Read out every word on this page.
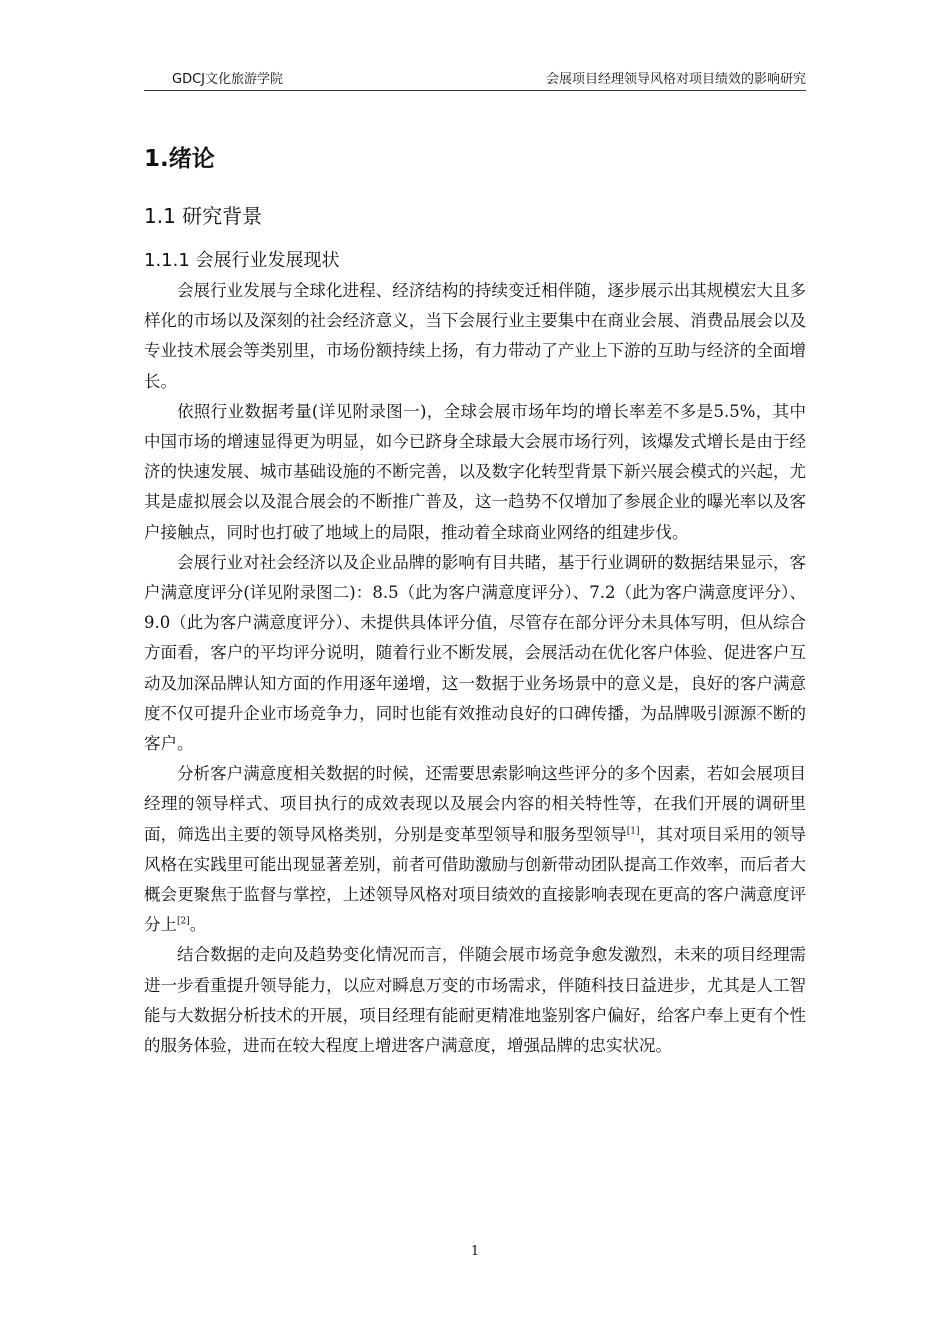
GDCJ文化旅游学院	会展项目经理领导风格对项目绩效的影响研究
1.绪论
1.1 研究背景
1.1.1 会展行业发展现状

会展行业发展与全球化进程、经济结构的持续变迁相伴随，逐步展示出其规模宏大且多样化的市场以及深刻的社会经济意义，当下会展行业主要集中在商业会展、消费品展会以及专业技术展会等类别里，市场份额持续上扬，有力带动了产业上下游的互助与经济的全面增长。

依照行业数据考量(详见附录图一)，全球会展市场年均的增长率差不多是5.5%，其中中国市场的增速显得更为明显，如今已跻身全球最大会展市场行列，该爆发式增长是由于经济的快速发展、城市基础设施的不断完善，以及数字化转型背景下新兴展会模式的兴起，尤其是虚拟展会以及混合展会的不断推广普及，这一趋势不仅增加了参展企业的曝光率以及客户接触点，同时也打破了地域上的局限，推动着全球商业网络的组建步伐。

会展行业对社会经济以及企业品牌的影响有目共睹，基于行业调研的数据结果显示，客户满意度评分(详见附录图二)：8.5（此为客户满意度评分）、7.2（此为客户满意度评分）、9.0（此为客户满意度评分）、未提供具体评分值，尽管存在部分评分未具体写明，但从综合方面看，客户的平均评分说明，随着行业不断发展，会展活动在优化客户体验、促进客户互动及加深品牌认知方面的作用逐年递增，这一数据于业务场景中的意义是，良好的客户满意度不仅可提升企业市场竞争力，同时也能有效推动良好的口碑传播，为品牌吸引源源不断的客户。

分析客户满意度相关数据的时候，还需要思索影响这些评分的多个因素，若如会展项目经理的领导样式、项目执行的成效表现以及展会内容的相关特性等，在我们开展的调研里面，筛选出主要的领导风格类别，分别是变革型领导和服务型领导[1]，其对项目采用的领导风格在实践里可能出现显著差别，前者可借助激励与创新带动团队提高工作效率，而后者大概会更聚焦于监督与掌控，上述领导风格对项目绩效的直接影响表现在更高的客户满意度评分上[2]。

结合数据的走向及趋势变化情况而言，伴随会展市场竞争愈发激烈，未来的项目经理需进一步看重提升领导能力，以应对瞬息万变的市场需求，伴随科技日益进步，尤其是人工智能与大数据分析技术的开展，项目经理有能耐更精准地鉴别客户偏好，给客户奉上更有个性的服务体验，进而在较大程度上增进客户满意度，增强品牌的忠实状况。

1
